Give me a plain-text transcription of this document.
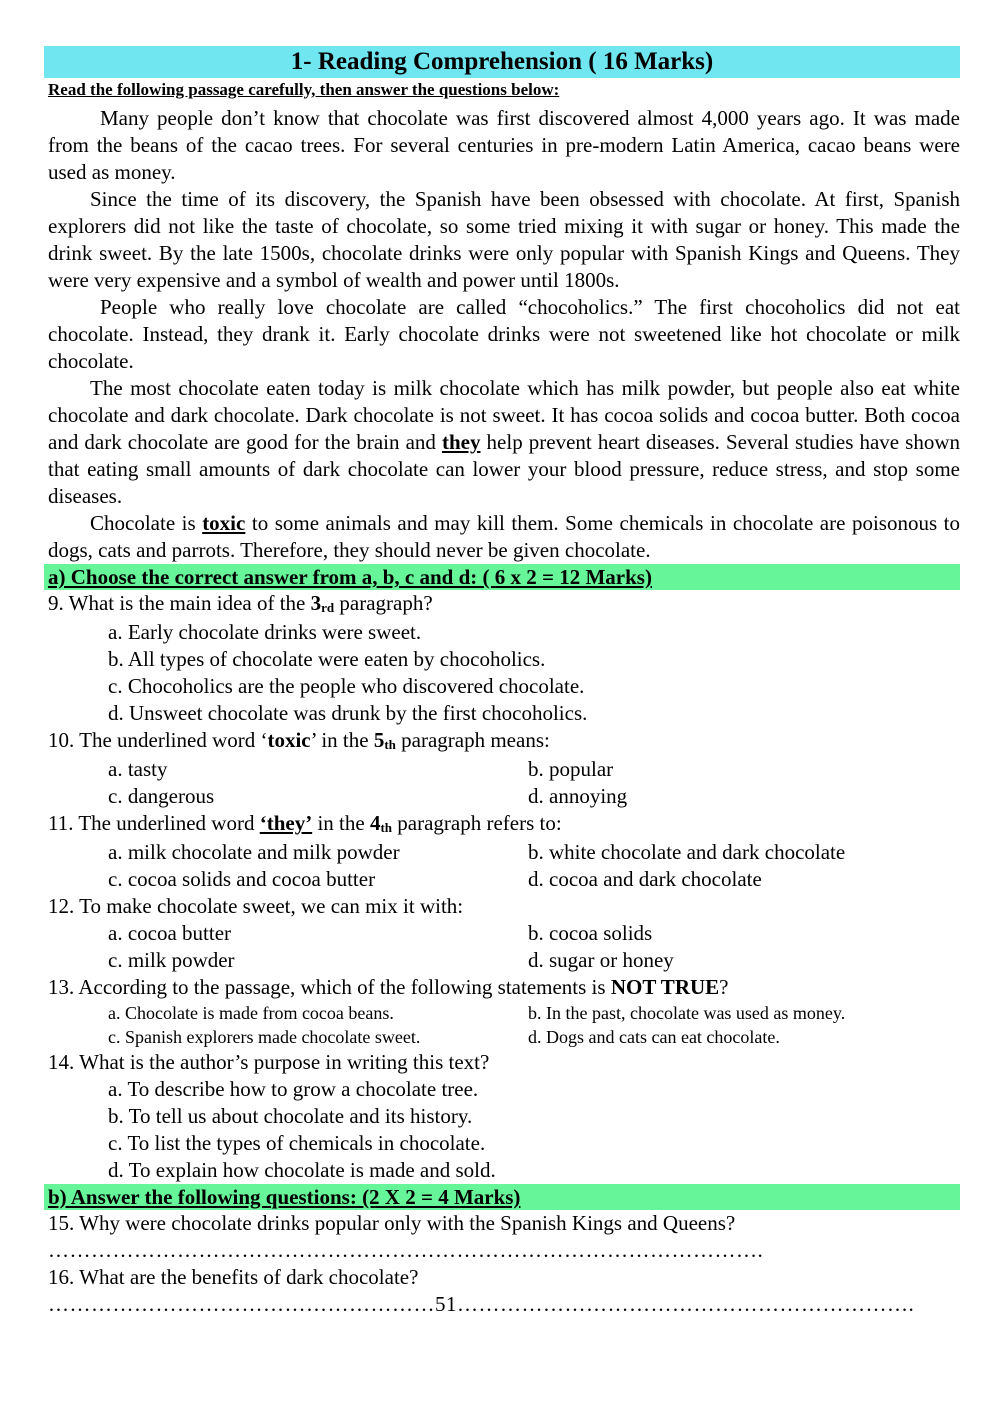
1- Reading Comprehension ( 16 Marks)
Read the following passage carefully, then answer the questions below:

Many people don’t know that chocolate was first discovered almost 4,000 years ago. It was made from the beans of the cacao trees. For several centuries in pre-modern Latin America, cacao beans were used as money.

Since the time of its discovery, the Spanish have been obsessed with chocolate. At first, Spanish explorers did not like the taste of chocolate, so some tried mixing it with sugar or honey. This made the drink sweet. By the late 1500s, chocolate drinks were only popular with Spanish Kings and Queens. They were very expensive and a symbol of wealth and power until 1800s.

People who really love chocolate are called “chocoholics.” The first chocoholics did not eat chocolate. Instead, they drank it. Early chocolate drinks were not sweetened like hot chocolate or milk chocolate.

The most chocolate eaten today is milk chocolate which has milk powder, but people also eat white chocolate and dark chocolate. Dark chocolate is not sweet. It has cocoa solids and cocoa butter. Both cocoa and dark chocolate are good for the brain and they help prevent heart diseases. Several studies have shown that eating small amounts of dark chocolate can lower your blood pressure, reduce stress, and stop some diseases.

Chocolate is toxic to some animals and may kill them. Some chemicals in chocolate are poisonous to dogs, cats and parrots. Therefore, they should never be given chocolate.

a) Choose the correct answer from a, b, c and d: ( 6 x 2 = 12 Marks)
9. What is the main idea of the $3_{rd}$ paragraph?
a. Early chocolate drinks were sweet.
b. All types of chocolate were eaten by chocoholics.
c. Chocoholics are the people who discovered chocolate.
d. Unsweet chocolate was drunk by the first chocoholics.
10. The underlined word ‘toxic’ in the $5_{th}$ paragraph means:
a. tasty	b. popular
c. dangerous	d. annoying
11. The underlined word ‘they’ in the $4_{th}$ paragraph refers to:
a. milk chocolate and milk powder	b. white chocolate and dark chocolate
c. cocoa solids and cocoa butter	d. cocoa and dark chocolate
12. To make chocolate sweet, we can mix it with:
a. cocoa butter	b. cocoa solids
c. milk powder	d. sugar or honey
13. According to the passage, which of the following statements is NOT TRUE?
a. Chocolate is made from cocoa beans.	b. In the past, chocolate was used as money.
c. Spanish explorers made chocolate sweet.	d. Dogs and cats can eat chocolate.
14. What is the author’s purpose in writing this text?
a. To describe how to grow a chocolate tree.
b. To tell us about chocolate and its history.
c. To list the types of chemicals in chocolate.
d. To explain how chocolate is made and sold.
b) Answer the following questions: (2 X 2 = 4 Marks)
15. Why were chocolate drinks popular only with the Spanish Kings and Queens?
……………………………………………………………………………………….
16. What are the benefits of dark chocolate?
………………………………………………51……………………………………………………….
